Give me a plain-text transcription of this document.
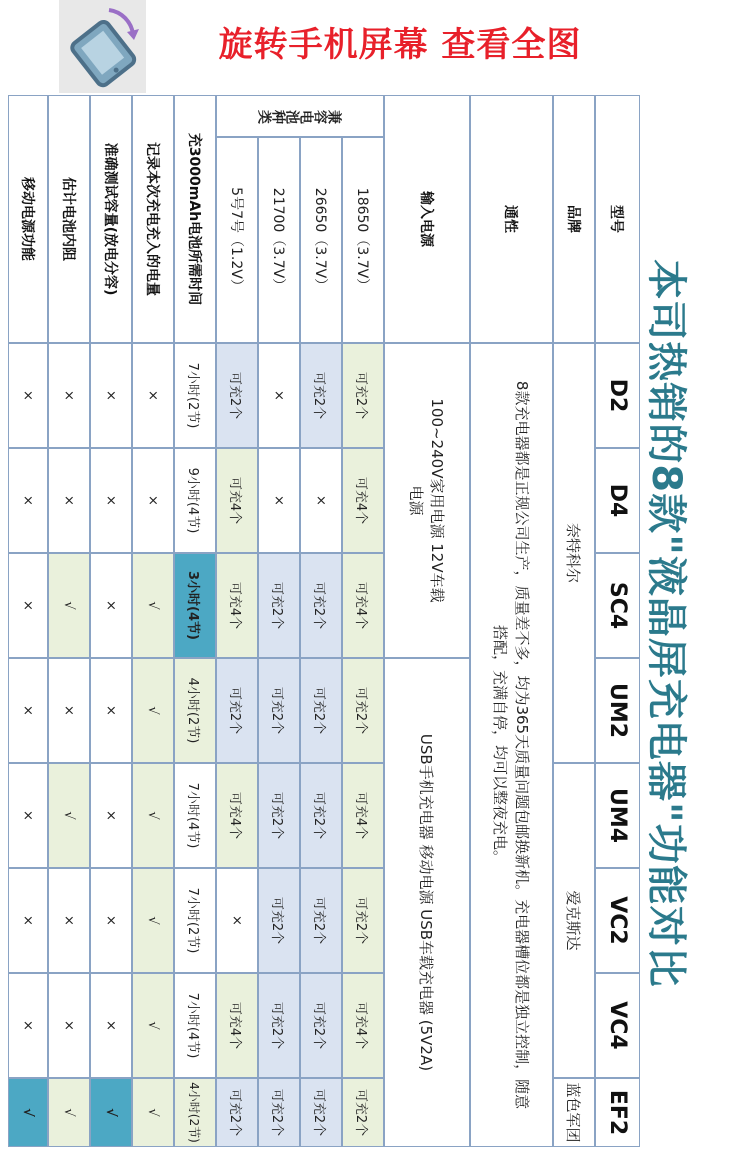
旋转手机屏幕 查看全图
本司热销的8款"液晶屏充电器"功能对比
型号
D2
D4
SC4
UM2
UM4
VC2
VC4
EF2
品牌
奈特科尔
爱克斯达
蓝色军团
通性
8款充电器都是正规公司生产，质量差不多，均为365天质量问题包邮换新机。充电器槽位都是独立控制，随意搭配，充满自停，均可以整夜充电。
输入电源
100~240V家用电源 12V车载电源
USB手机充电器 移动电源 USB车载充电器 (5V2A)
兼容电池种类
18650（3.7V）
可充2个
可充4个
可充4个
可充2个
可充4个
可充2个
可充4个
可充2个
26650（3.7V）
可充2个
×
可充2个
可充2个
可充2个
可充2个
可充2个
可充2个
21700（3.7V）
×
×
可充2个
可充2个
可充2个
可充2个
可充2个
可充2个
5号7号（1.2V）
可充2个
可充4个
可充4个
可充2个
可充4个
×
可充4个
可充2个
充3000mAh电池所需时间
7小时(2节)
9小时(4节)
3小时(4节)
4小时(2节)
7小时(4节)
7小时(2节)
7小时(4节)
4小时(2节)
记录本次充电充入的电量
×
×
√
√
√
√
√
√
准确测试容量(放电分容)
×
×
×
×
×
×
×
√
估计电池内阻
×
×
√
×
√
×
×
√
移动电源功能
×
×
×
×
×
×
×
√
